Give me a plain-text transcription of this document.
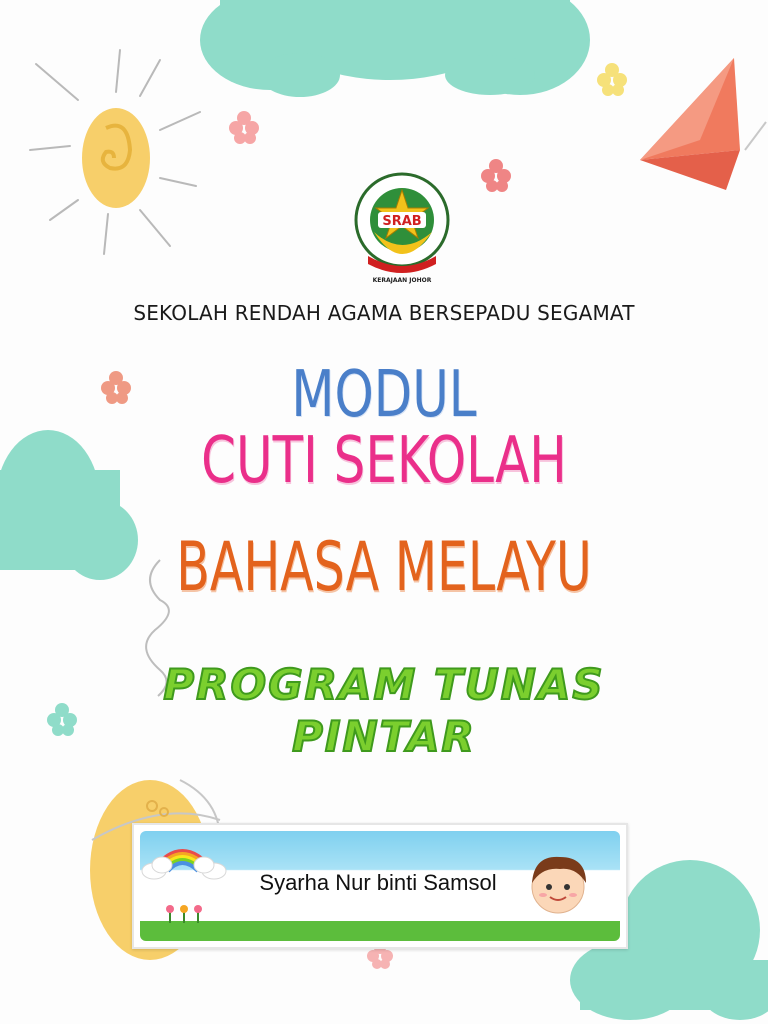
SRAB
KERAJAAN JOHOR
SEKOLAH RENDAH AGAMA BERSEPADU SEGAMAT
MODUL
CUTI SEKOLAH
BAHASA MELAYU
PROGRAM TUNAS
PINTAR
Syarha Nur binti Samsol
